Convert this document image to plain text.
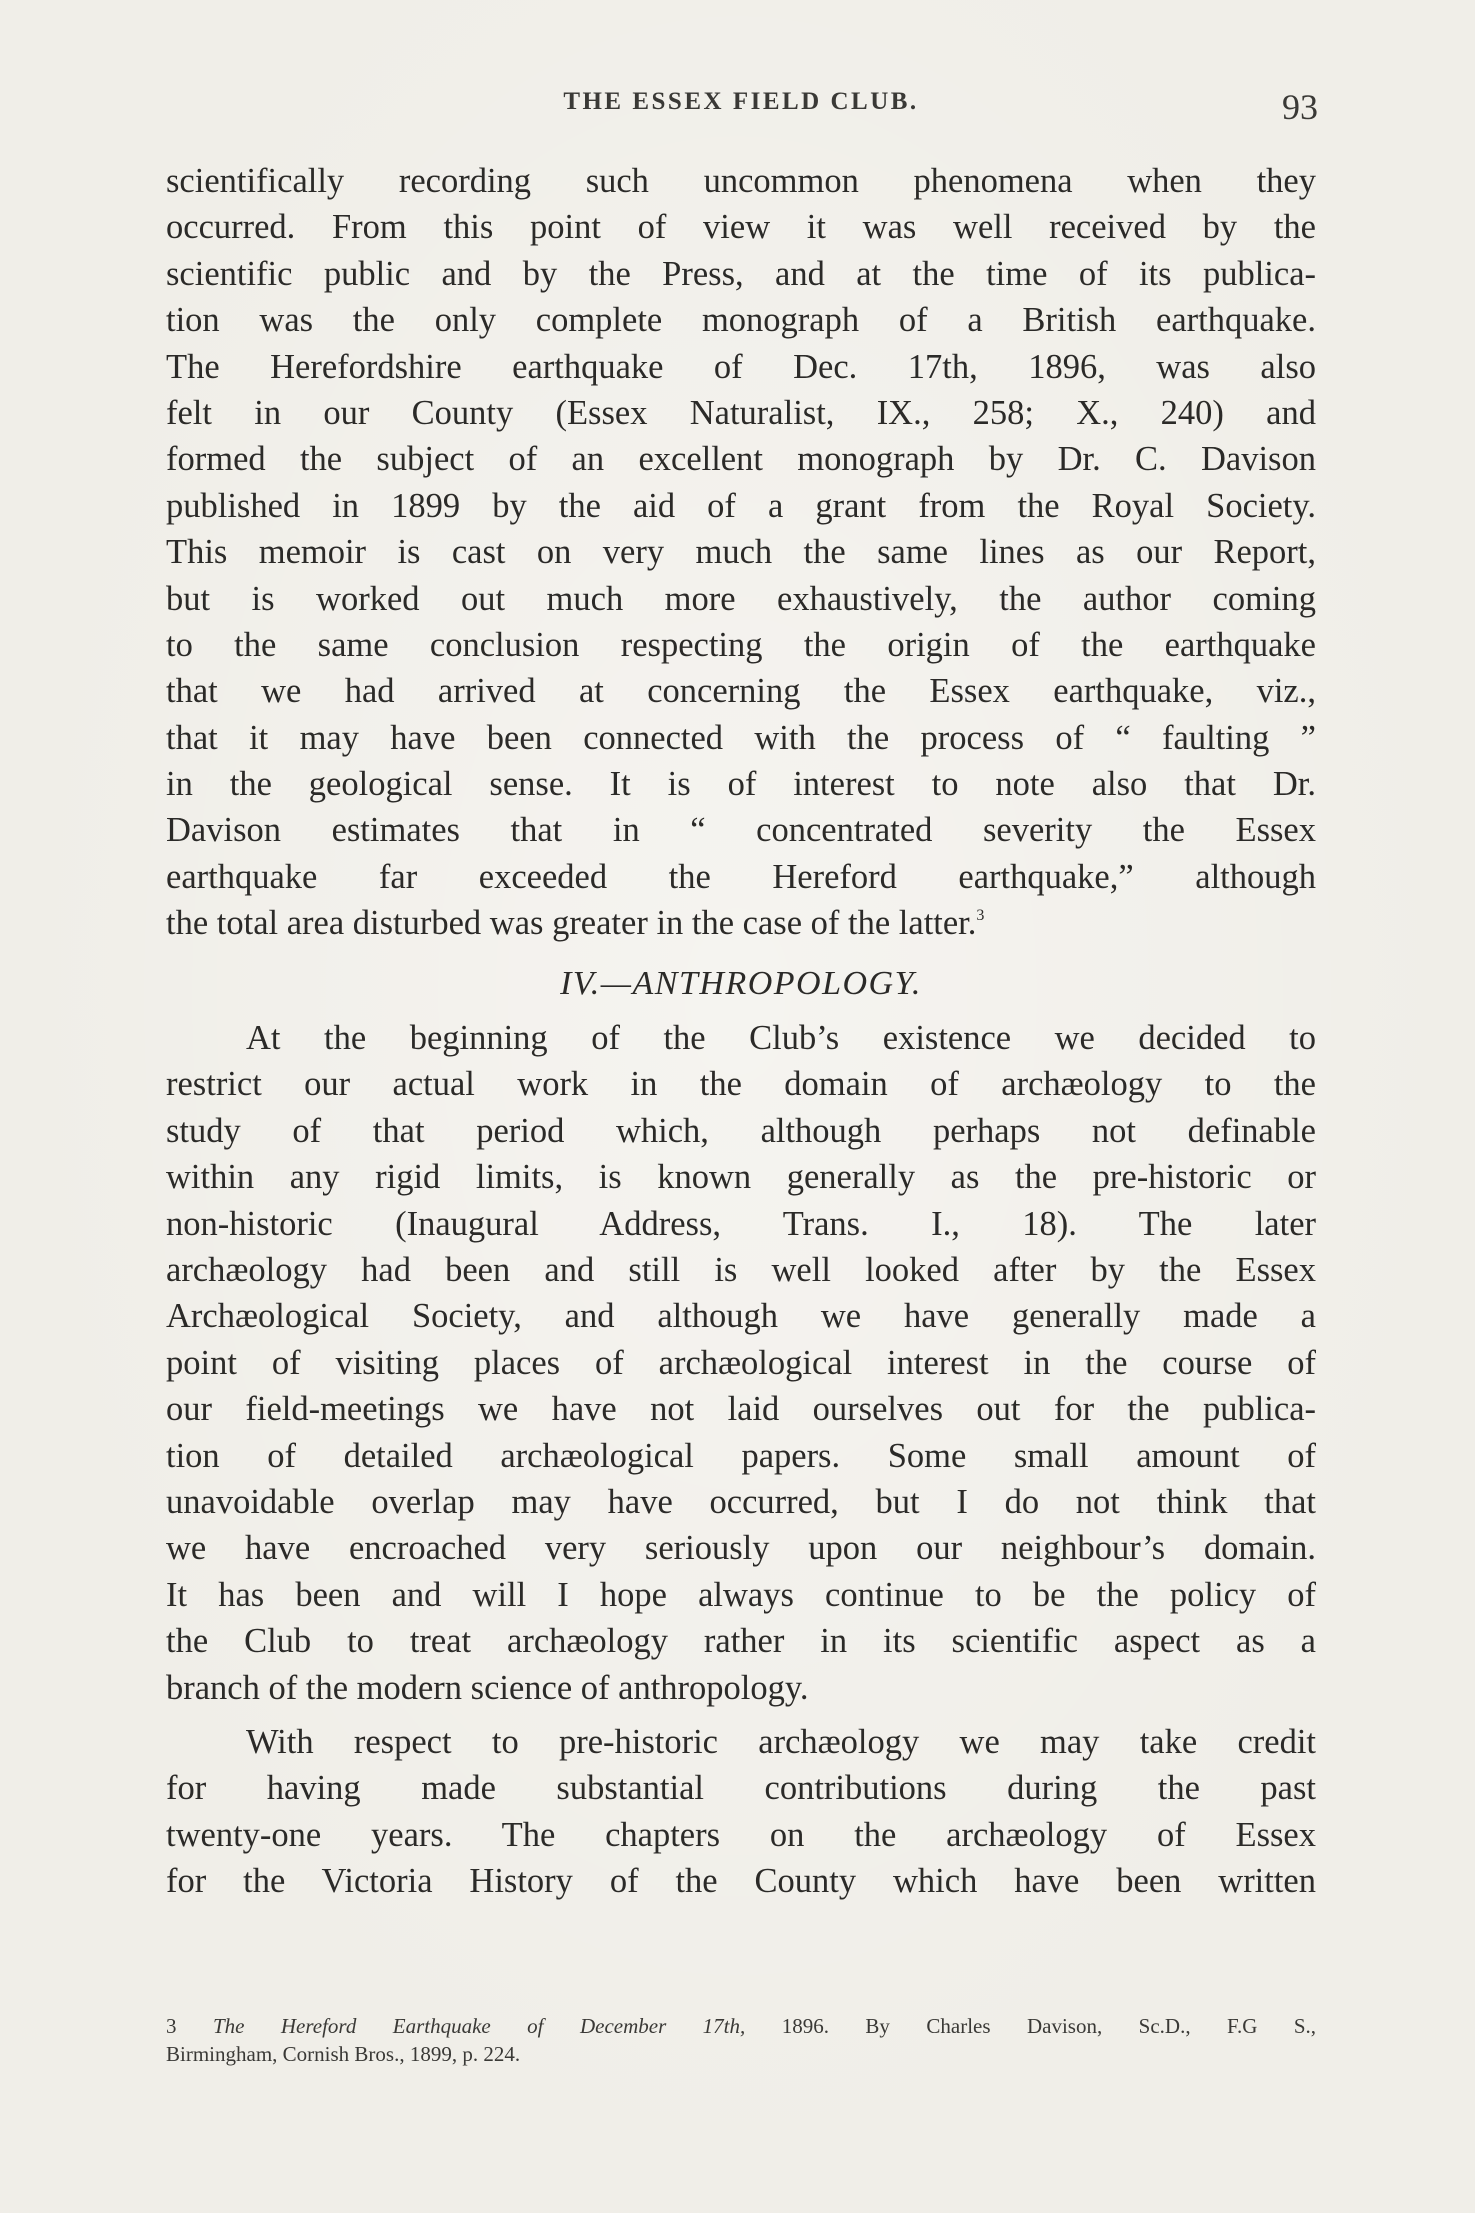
THE ESSEX FIELD CLUB.	93
scientifically recording such uncommon phenomena when they
occurred. From this point of view it was well received by the
scientific public and by the Press, and at the time of its publica-
tion was the only complete monograph of a British earthquake.
The Herefordshire earthquake of Dec. 17th, 1896, was also
felt in our County (Essex Naturalist, IX., 258; X., 240) and
formed the subject of an excellent monograph by Dr. C. Davison
published in 1899 by the aid of a grant from the Royal Society.
This memoir is cast on very much the same lines as our Report,
but is worked out much more exhaustively, the author coming
to the same conclusion respecting the origin of the earthquake
that we had arrived at concerning the Essex earthquake, viz.,
that it may have been connected with the process of “ faulting ”
in the geological sense. It is of interest to note also that Dr.
Davison estimates that in “ concentrated severity the Essex
earthquake far exceeded the Hereford earthquake,” although
the total area disturbed was greater in the case of the latter.$^3$
IV.—ANTHROPOLOGY.
At the beginning of the Club’s existence we decided to
restrict our actual work in the domain of archæology to the
study of that period which, although perhaps not definable
within any rigid limits, is known generally as the pre-historic or
non-historic (Inaugural Address, Trans. I., 18). The later
archæology had been and still is well looked after by the Essex
Archæological Society, and although we have generally made a
point of visiting places of archæological interest in the course of
our field-meetings we have not laid ourselves out for the publica-
tion of detailed archæological papers. Some small amount of
unavoidable overlap may have occurred, but I do not think that
we have encroached very seriously upon our neighbour’s domain.
It has been and will I hope always continue to be the policy of
the Club to treat archæology rather in its scientific aspect as a
branch of the modern science of anthropology.
With respect to pre-historic archæology we may take credit
for having made substantial contributions during the past
twenty-one years. The chapters on the archæology of Essex
for the Victoria History of the County which have been written
3 The Hereford Earthquake of December 17th, 1896. By Charles Davison, Sc.D., F.G S.,
Birmingham, Cornish Bros., 1899, p. 224.
